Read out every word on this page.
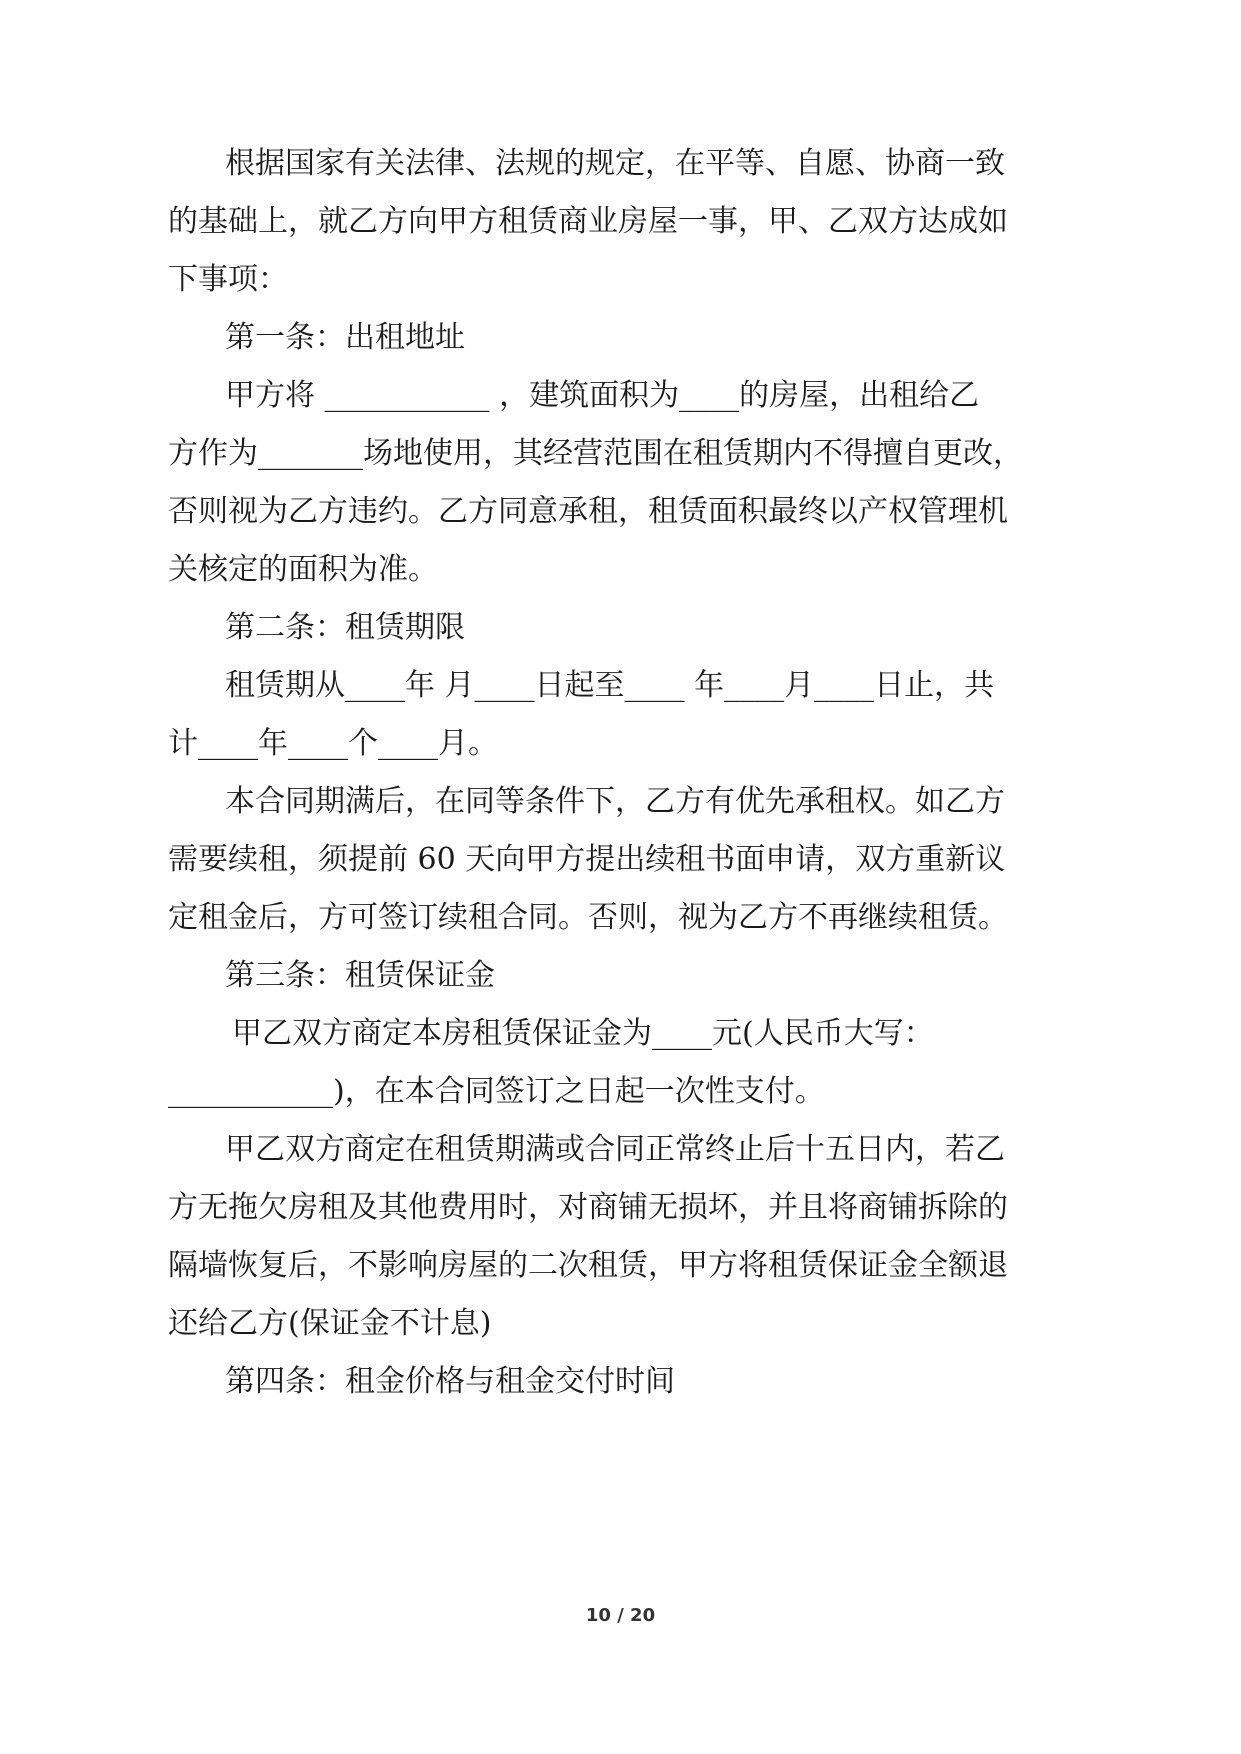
根据国家有关法律、法规的规定，在平等、自愿、协商一致
的基础上，就乙方向甲方租赁商业房屋一事，甲、乙双方达成如
下事项：
第一条：出租地址
甲方将 ___________ ，建筑面积为____的房屋，出租给乙
方作为_______场地使用，其经营范围在租赁期内不得擅自更改，
否则视为乙方违约。乙方同意承租，租赁面积最终以产权管理机
关核定的面积为准。
第二条：租赁期限
租赁期从____年 月____日起至____ 年____月____日止，共
计____年____个____月。
本合同期满后，在同等条件下，乙方有优先承租权。如乙方
需要续租，须提前 60 天向甲方提出续租书面申请，双方重新议
定租金后，方可签订续租合同。否则，视为乙方不再继续租赁。
第三条：租赁保证金
甲乙双方商定本房租赁保证金为____元(人民币大写：
___________)，在本合同签订之日起一次性支付。
甲乙双方商定在租赁期满或合同正常终止后十五日内，若乙
方无拖欠房租及其他费用时，对商铺无损坏，并且将商铺拆除的
隔墙恢复后，不影响房屋的二次租赁，甲方将租赁保证金全额退
还给乙方(保证金不计息)
第四条：租金价格与租金交付时间
10 / 20
